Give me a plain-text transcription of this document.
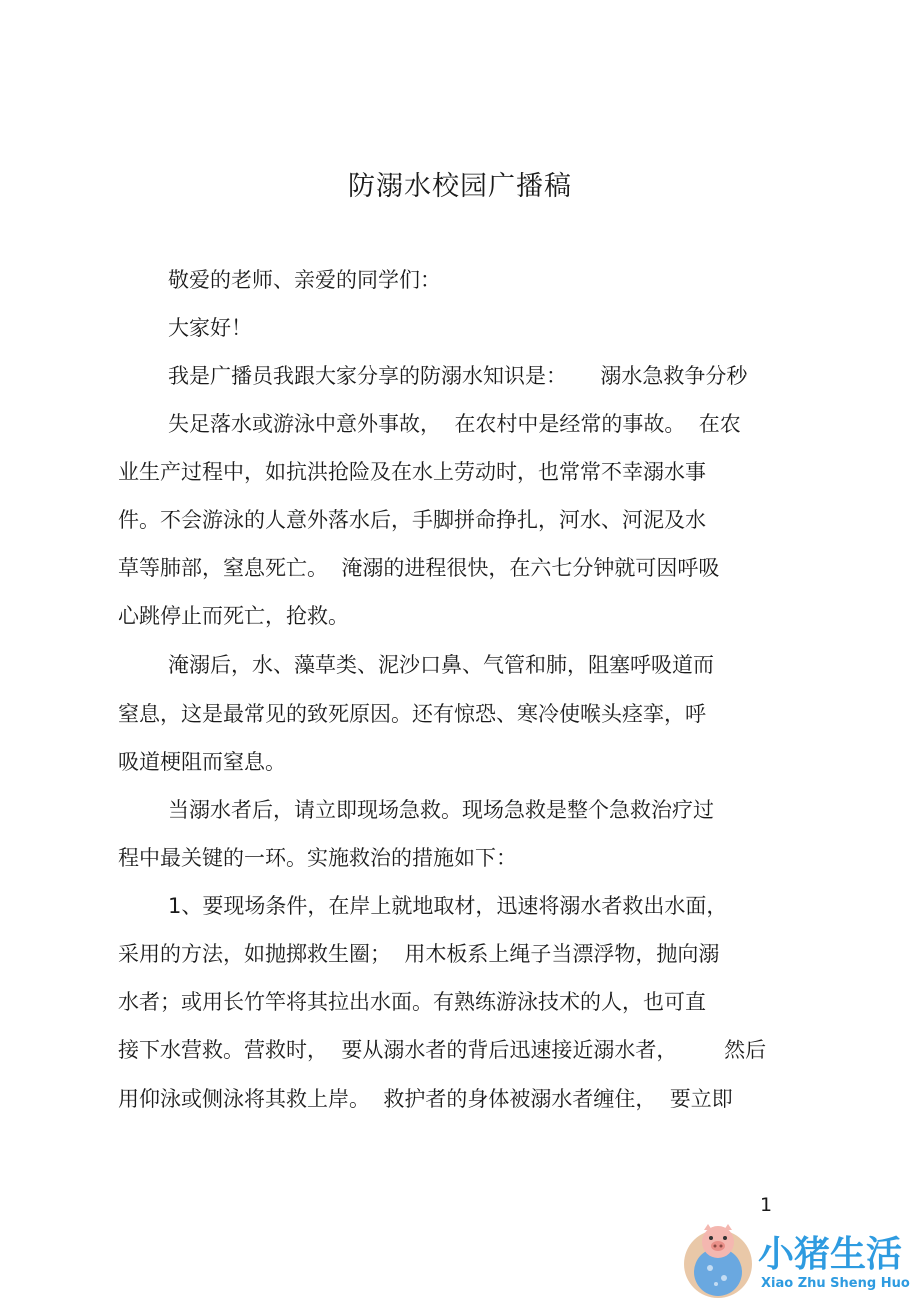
防溺水校园广播稿
敬爱的老师、亲爱的同学们：
大家好！
我是广播员我跟大家分享的防溺水知识是：     溺水急救争分秒
失足落水或游泳中意外事故，  在农村中是经常的事故。  在农
业生产过程中，如抗洪抢险及在水上劳动时，也常常不幸溺水事
件。不会游泳的人意外落水后，手脚拼命挣扎，河水、河泥及水
草等肺部，窒息死亡。  淹溺的进程很快，在六七分钟就可因呼吸
心跳停止而死亡，抢救。
淹溺后，水、藻草类、泥沙口鼻、气管和肺，阻塞呼吸道而
窒息，这是最常见的致死原因。还有惊恐、寒冷使喉头痉挛，呼
吸道梗阻而窒息。
当溺水者后，请立即现场急救。现场急救是整个急救治疗过
程中最关键的一环。实施救治的措施如下：
1、要现场条件，在岸上就地取材，迅速将溺水者救出水面，
采用的方法，如抛掷救生圈；  用木板系上绳子当漂浮物，抛向溺
水者；或用长竹竿将其拉出水面。有熟练游泳技术的人，也可直
接下水营救。营救时，  要从溺水者的背后迅速接近溺水者，       然后
用仰泳或侧泳将其救上岸。  救护者的身体被溺水者缠住，  要立即
1
小猪生活
Xiao Zhu Sheng Huo
